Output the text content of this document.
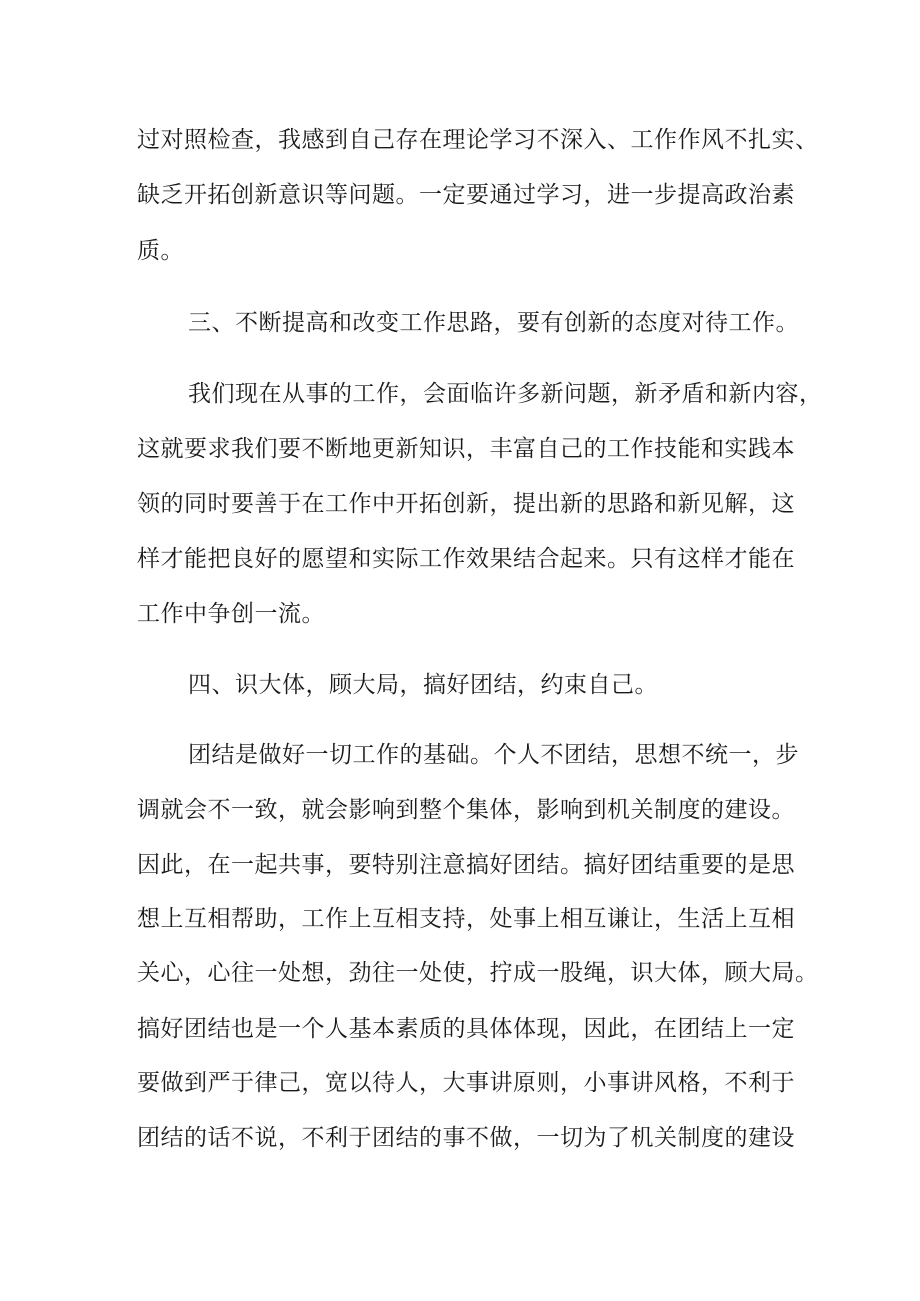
过对照检查，我感到自己存在理论学习不深入、工作作风不扎实、
缺乏开拓创新意识等问题。一定要通过学习，进一步提高政治素
质。
三、不断提高和改变工作思路，要有创新的态度对待工作。
我们现在从事的工作，会面临许多新问题，新矛盾和新内容，
这就要求我们要不断地更新知识，丰富自己的工作技能和实践本
领的同时要善于在工作中开拓创新，提出新的思路和新见解，这
样才能把良好的愿望和实际工作效果结合起来。只有这样才能在
工作中争创一流。
四、识大体，顾大局，搞好团结，约束自己。
团结是做好一切工作的基础。个人不团结，思想不统一，步
调就会不一致，就会影响到整个集体，影响到机关制度的建设。
因此，在一起共事，要特别注意搞好团结。搞好团结重要的是思
想上互相帮助，工作上互相支持，处事上相互谦让，生活上互相
关心，心往一处想，劲往一处使，拧成一股绳，识大体，顾大局。
搞好团结也是一个人基本素质的具体体现，因此，在团结上一定
要做到严于律己，宽以待人，大事讲原则，小事讲风格，不利于
团结的话不说，不利于团结的事不做，一切为了机关制度的建设
